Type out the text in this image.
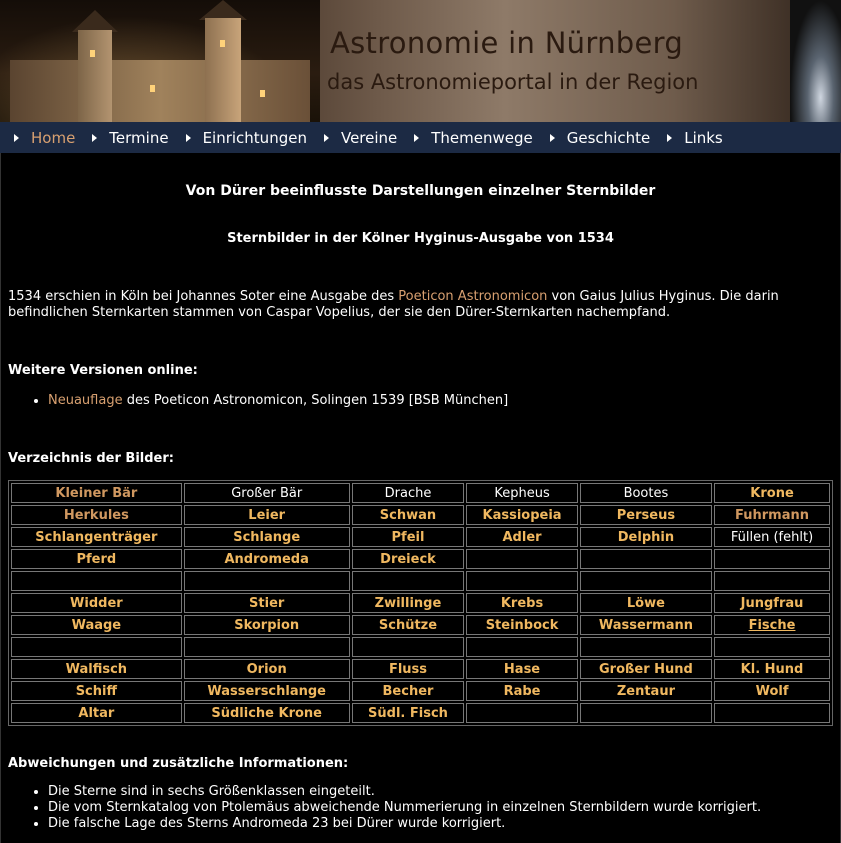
Astronomie in Nürnberg
das Astronomieportal in der Region
Home Termine Einrichtungen Vereine Themenwege Geschichte Links
Von Dürer beeinflusste Darstellungen einzelner Sternbilder
Sternbilder in der Kölner Hyginus-Ausgabe von 1534

1534 erschien in Köln bei Johannes Soter eine Ausgabe des Poeticon Astronomicon von Gaius Julius Hyginus. Die darin befindlichen Sternkarten stammen von Caspar Vopelius, der sie den Dürer-Sternkarten nachempfand.

Weitere Versionen online:

• Neuauflage des Poeticon Astronomicon, Solingen 1539 [BSB München]

Verzeichnis der Bilder:

Kleiner Bär	Großer Bär	Drache	Kepheus	Bootes	Krone
Herkules	Leier	Schwan	Kassiopeia	Perseus	Fuhrmann
Schlangenträger	Schlange	Pfeil	Adler	Delphin	Füllen (fehlt)
Pferd	Andromeda	Dreieck			

Widder	Stier	Zwillinge	Krebs	Löwe	Jungfrau
Waage	Skorpion	Schütze	Steinbock	Wassermann	Fische

Walfisch	Orion	Fluss	Hase	Großer Hund	Kl. Hund
Schiff	Wasserschlange	Becher	Rabe	Zentaur	Wolf
Altar	Südliche Krone	Südl. Fisch			

Abweichungen und zusätzliche Informationen:

• Die Sterne sind in sechs Größenklassen eingeteilt.
• Die vom Sternkatalog von Ptolemäus abweichende Nummerierung in einzelnen Sternbildern wurde korrigiert.
• Die falsche Lage des Sterns Andromeda 23 bei Dürer wurde korrigiert.
